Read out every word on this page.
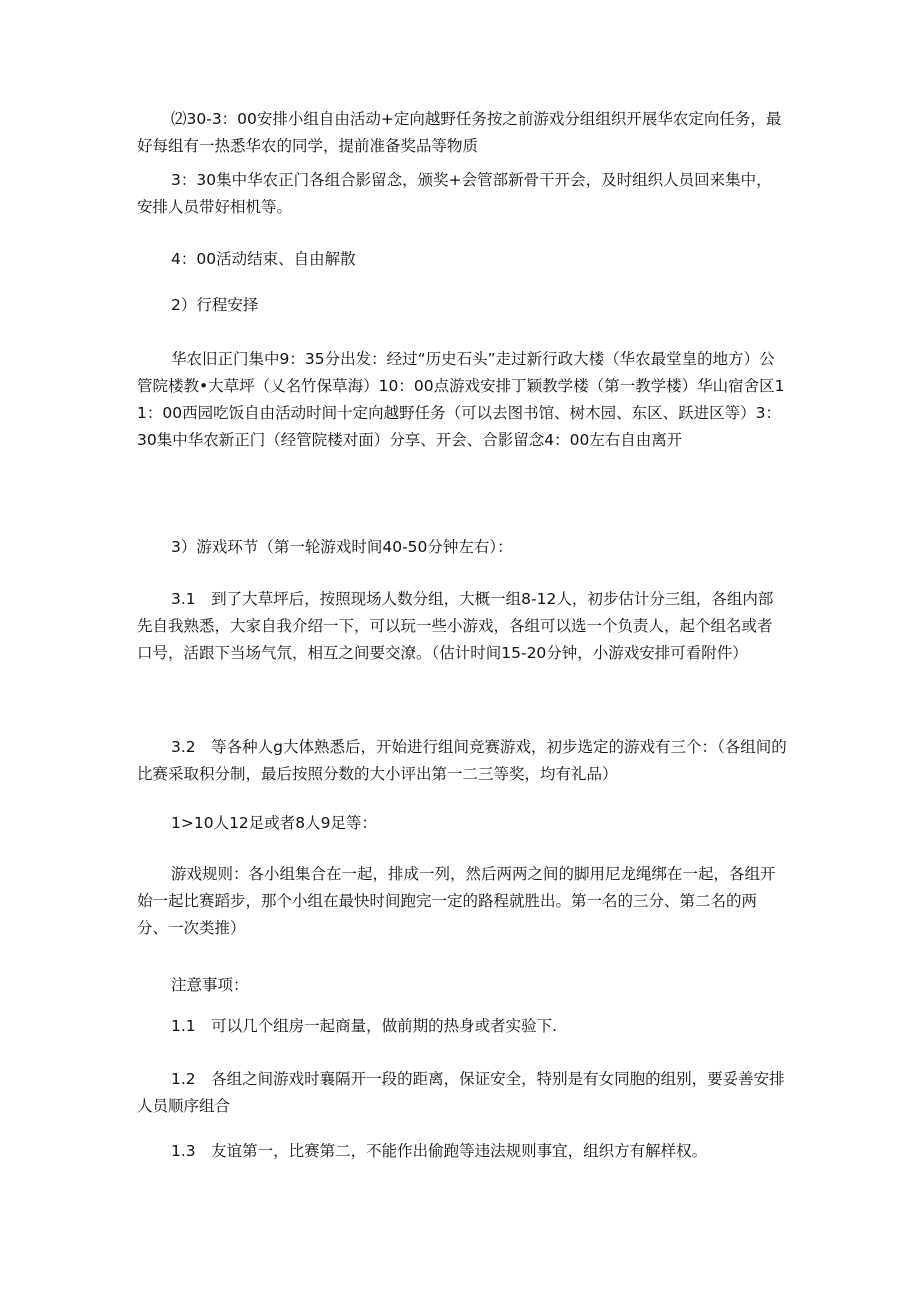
⑵30-3：00安排小组自由活动+定向越野任务按之前游戏分组组织开展华农定向任务，最好每组有一热悉华农的同学，提前准备奖品等物质

3：30集中华农正门各组合影留念，颁奖+会管部新骨干开会，及时组织人员回来集中，安排人员带好相机等。

4：00活动结束、自由解散

2）行程安择

华农旧正门集中9：35分出发：经过“历史石头”走过新行政大楼（华农最堂皇的地方）公管院楼教•大草坪（乂名竹保草海）10：00点游戏安排丁颖教学楼（第一教学楼）华山宿舍区11：00西园吃饭自由活动时间十定向越野任务（可以去图书馆、树木园、东区、跃进区等）3：30集中华农新正门（经管院楼对面）分享、开会、合影留念4：00左右自由离开

3）游戏环节（第一轮游戏时间40-50分钟左右）：

3.1　到了大草坪后，按照现场人数分组，大概一组8-12人，初步估计分三组，各组内部先自我熟悉，大家自我介绍一下，可以玩一些小游戏，各组可以选一个负责人，起个组名或者口号，活跟下当场气氘，相互之间要交潦。（估计时间15-20分钟，小游戏安排可看附件）

3.2　等各种人g大体熟悉后，开始进行组间竞赛游戏，初步选定的游戏有三个：（各组间的比赛采取积分制，最后按照分数的大小评出第一二三等奖，均有礼品）

1>10人12足或者8人9足等：

游戏规则：各小组集合在一起，排成一列，然后两两之间的脚用尼龙绳绑在一起，各组开始一起比赛蹈步，那个小组在最快时间跑完一定的路程就胜出。第一名的三分、第二名的两分、一次类推）

注意事项：

1.1　可以几个组房一起商量，做前期的热身或者实验下.

1.2　各组之间游戏时襄隔开一段的距离，保证安全，特别是有女同胞的组别，要妥善安排人员顺序组合

1.3　友谊第一，比赛第二，不能作出偷跑等违法规则事宜，组织方有解样权。
